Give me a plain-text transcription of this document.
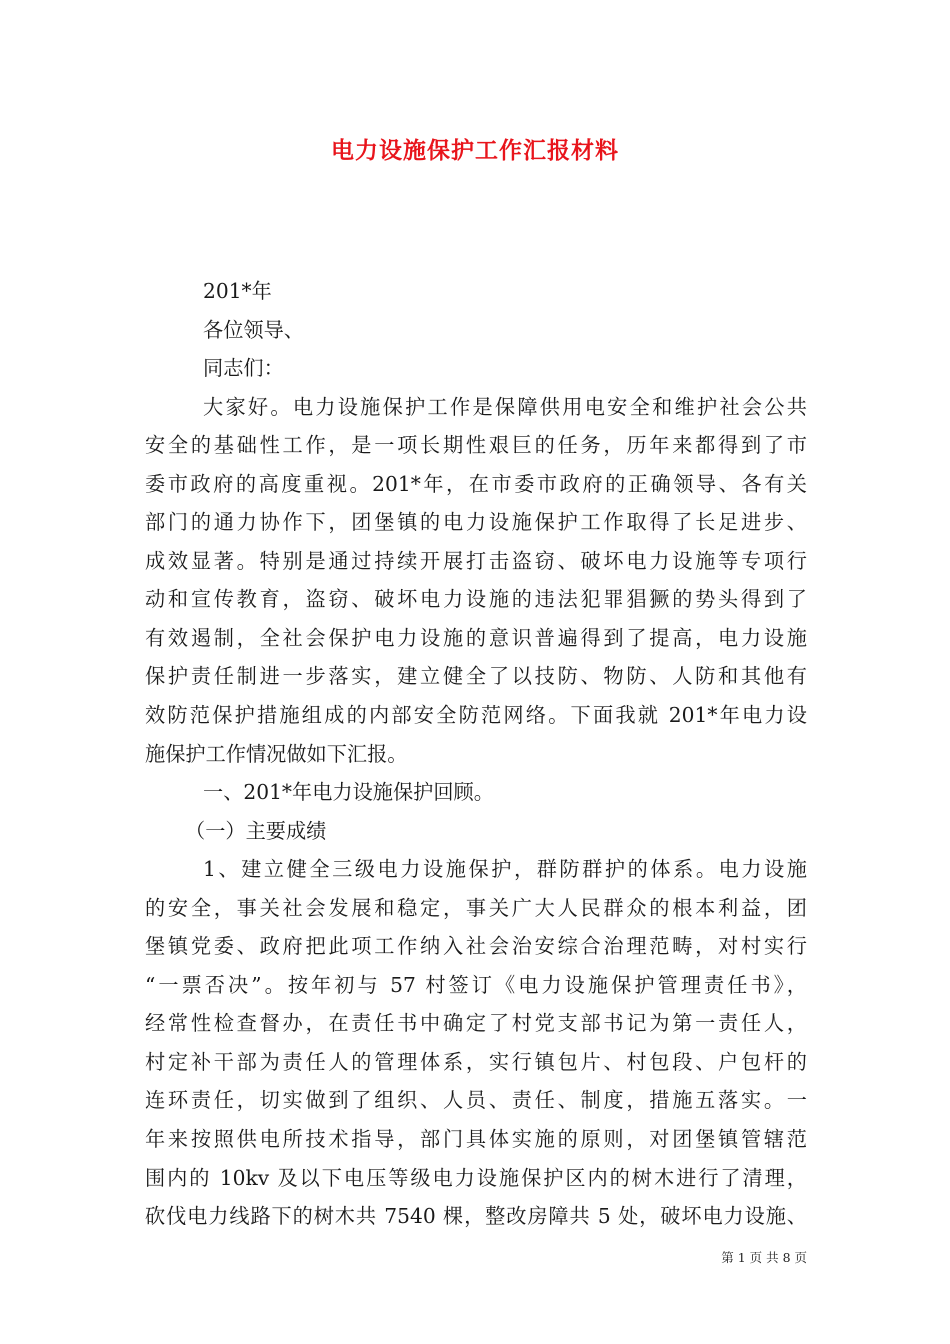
电力设施保护工作汇报材料
201*年
各位领导、
同志们：
大家好。电力设施保护工作是保障供用电安全和维护社会公共
安全的基础性工作，是一项长期性艰巨的任务，历年来都得到了市
委市政府的高度重视。201*年，在市委市政府的正确领导、各有关
部门的通力协作下，团堡镇的电力设施保护工作取得了长足进步、
成效显著。特别是通过持续开展打击盗窃、破坏电力设施等专项行
动和宣传教育，盗窃、破坏电力设施的违法犯罪猖獗的势头得到了
有效遏制，全社会保护电力设施的意识普遍得到了提高，电力设施
保护责任制进一步落实，建立健全了以技防、物防、人防和其他有
效防范保护措施组成的内部安全防范网络。下面我就 201*年电力设
施保护工作情况做如下汇报。
一、201*年电力设施保护回顾。
（一）主要成绩
1、建立健全三级电力设施保护，群防群护的体系。电力设施
的安全，事关社会发展和稳定，事关广大人民群众的根本利益，团
堡镇党委、政府把此项工作纳入社会治安综合治理范畴，对村实行
“一票否决”。按年初与 57 村签订《电力设施保护管理责任书》，
经常性检查督办，在责任书中确定了村党支部书记为第一责任人，
村定补干部为责任人的管理体系，实行镇包片、村包段、户包杆的
连环责任，切实做到了组织、人员、责任、制度，措施五落实。一
年来按照供电所技术指导，部门具体实施的原则，对团堡镇管辖范
围内的 10kv 及以下电压等级电力设施保护区内的树木进行了清理，
砍伐电力线路下的树木共 7540 棵，整改房障共 5 处，破坏电力设施、
第 1 页 共 8 页
